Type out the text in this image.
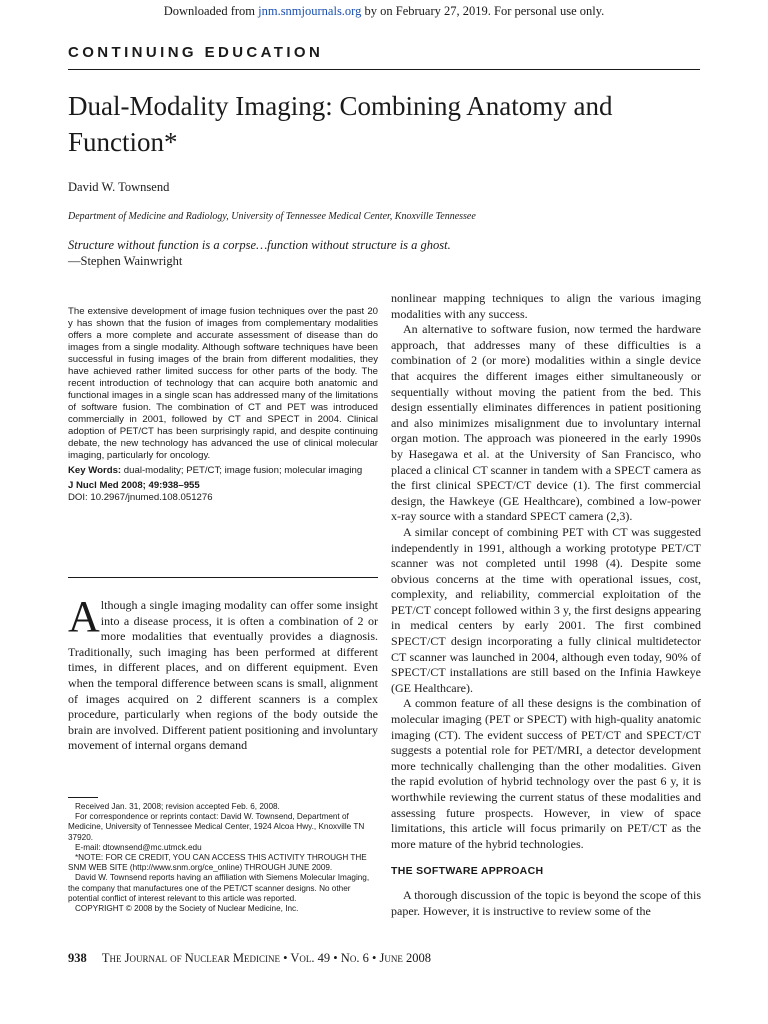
Downloaded from jnm.snmjournals.org by on February 27, 2019. For personal use only.
CONTINUING EDUCATION
Dual-Modality Imaging: Combining Anatomy and Function*
David W. Townsend
Department of Medicine and Radiology, University of Tennessee Medical Center, Knoxville Tennessee
Structure without function is a corpse…function without structure is a ghost.
—Stephen Wainwright

The extensive development of image fusion techniques over the past 20 y has shown that the fusion of images from complementary modalities offers a more complete and accurate assessment of disease than do images from a single modality. Although software techniques have been successful in fusing images of the brain from different modalities, they have achieved rather limited success for other parts of the body. The recent introduction of technology that can acquire both anatomic and functional images in a single scan has addressed many of the limitations of software fusion. The combination of CT and PET was introduced commercially in 2001, followed by CT and SPECT in 2004. Clinical adoption of PET/CT has been surprisingly rapid, and despite continuing debate, the new technology has advanced the use of clinical molecular imaging, particularly for oncology.

Key Words: dual-modality; PET/CT; image fusion; molecular imaging

J Nucl Med 2008; 49:938–955

DOI: 10.2967/jnumed.108.051276

A lthough a single imaging modality can offer some insight into a disease process, it is often a combination of 2 or more modalities that eventually provides a diagnosis. Traditionally, such imaging has been performed at different times, in different places, and on different equipment. Even when the temporal difference between scans is small, alignment of images acquired on 2 different scanners is a complex procedure, particularly when regions of the body outside the brain are involved. Different patient positioning and involuntary movement of internal organs demand

Received Jan. 31, 2008; revision accepted Feb. 6, 2008.

For correspondence or reprints contact: David W. Townsend, Department of Medicine, University of Tennessee Medical Center, 1924 Alcoa Hwy., Knoxville TN 37920.

E-mail: dtownsend@mc.utmck.edu

*NOTE: FOR CE CREDIT, YOU CAN ACCESS THIS ACTIVITY THROUGH THE SNM WEB SITE (http://www.snm.org/ce_online) THROUGH JUNE 2009.

David W. Townsend reports having an affiliation with Siemens Molecular Imaging, the company that manufactures one of the PET/CT scanner designs. No other potential conflict of interest relevant to this article was reported.

COPYRIGHT © 2008 by the Society of Nuclear Medicine, Inc.

nonlinear mapping techniques to align the various imaging modalities with any success.

An alternative to software fusion, now termed the hardware approach, that addresses many of these difficulties is a combination of 2 (or more) modalities within a single device that acquires the different images either simultaneously or sequentially without moving the patient from the bed. This design essentially eliminates differences in patient positioning and also minimizes misalignment due to involuntary internal organ motion. The approach was pioneered in the early 1990s by Hasegawa et al. at the University of San Francisco, who placed a clinical CT scanner in tandem with a SPECT camera as the first clinical SPECT/CT device (1). The first commercial design, the Hawkeye (GE Healthcare), combined a low-power x-ray source with a standard SPECT camera (2,3).

A similar concept of combining PET with CT was suggested independently in 1991, although a working prototype PET/CT scanner was not completed until 1998 (4). Despite some obvious concerns at the time with operational issues, cost, complexity, and reliability, commercial exploitation of the PET/CT concept followed within 3 y, the first designs appearing in medical centers by early 2001. The first combined SPECT/CT design incorporating a fully clinical multidetector CT scanner was launched in 2004, although even today, 90% of SPECT/CT installations are still based on the Infinia Hawkeye (GE Healthcare).

A common feature of all these designs is the combination of molecular imaging (PET or SPECT) with high-quality anatomic imaging (CT). The evident success of PET/CT and SPECT/CT suggests a potential role for PET/MRI, a detector development more technically challenging than the other modalities. Given the rapid evolution of hybrid technology over the past 6 y, it is worthwhile reviewing the current status of these modalities and assessing future prospects. However, in view of space limitations, this article will focus primarily on PET/CT as the more mature of the hybrid technologies.

THE SOFTWARE APPROACH

A thorough discussion of the topic is beyond the scope of this paper. However, it is instructive to review some of the

938 The Journal of Nuclear Medicine • Vol. 49 • No. 6 • June 2008
